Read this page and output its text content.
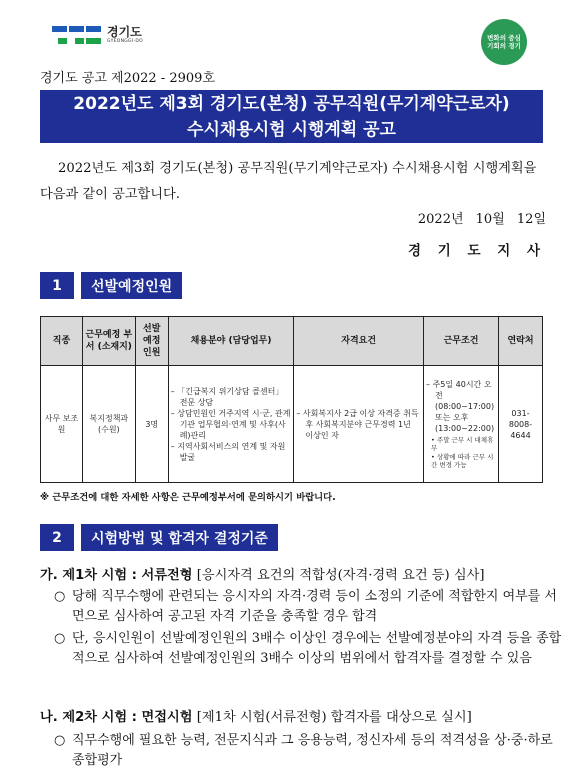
경기도
GYEONGGI-DO	변화의 중심
기회의 경기
경기도 공고 제2022 - 2909호
2022년도 제3회 경기도(본청) 공무직원(무기계약근로자)
수시채용시험 시행계획 공고
2022년도 제3회 경기도(본청) 공무직원(무기계약근로자) 수시채용시험 시행계획을 다음과 같이 공고합니다.
2022년 10월 12일
경 기 도 지 사
1	선발예정인원
직종	근무예정 부서 (소재지)	선발 예정 인원	채용분야 (담당업무)	자격요건	근무조건	연락처
사무 보조원	복지정책과 (수원)	3명	– 「긴급복지 위기상담 콜센터」 전문 상담
– 상담민원인 거주지역 시·군, 관계기관 업무협의·연계 및 사후(사례)관리
– 지역사회서비스의 연계 및 자원발굴	– 사회복지사 2급 이상 자격증 취득 후 사회복지분야 근무경력 1년 이상인 자	– 주5일 40시간 오전 (08:00~17:00) 또는 오후 (13:00~22:00)
• 주말 근무 시 대체휴무
• 상황에 따라 근무 시간 변경 가능	031-8008-4644
※ 근무조건에 대한 자세한 사항은 근무예정부서에 문의하시기 바랍니다.
2	시험방법 및 합격자 결정기준
가. 제1차 시험 : 서류전형 [응시자격 요건의 적합성(자격·경력 요건 등) 심사]
○ 당해 직무수행에 관련되는 응시자의 자격·경력 등이 소정의 기준에 적합한지 여부를 서면으로 심사하여 공고된 자격 기준을 충족할 경우 합격
○ 단, 응시인원이 선발예정인원의 3배수 이상인 경우에는 선발예정분야의 자격 등을 종합적으로 심사하여 선발예정인원의 3배수 이상의 범위에서 합격자를 결정할 수 있음
나. 제2차 시험 : 면접시험 [제1차 시험(서류전형) 합격자를 대상으로 실시]
○ 직무수행에 필요한 능력, 전문지식과 그 응용능력, 정신자세 등의 적격성을 상·중·하로 종합평가
